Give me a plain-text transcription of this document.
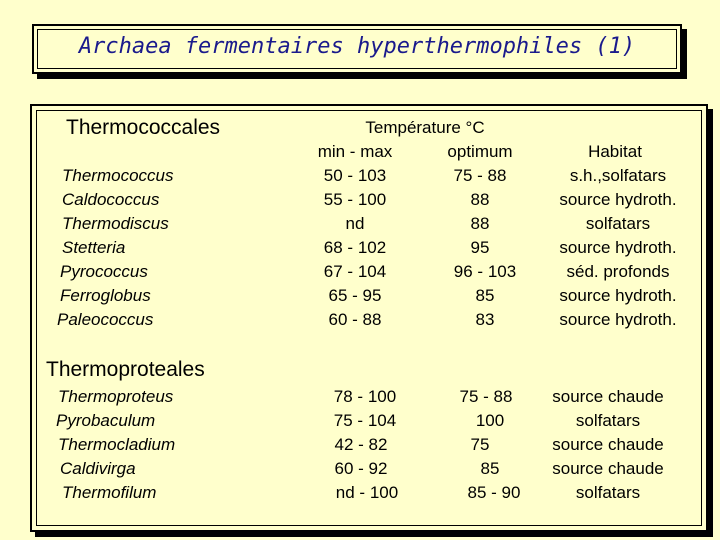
Archaea fermentaires hyperthermophiles (1)
Thermococcales	Température °C
min - max	optimum	Habitat
Thermococcus	50 - 103	75 - 88	s.h.,solfatars
Caldococcus	55 - 100	88	source hydroth.
Thermodiscus	nd	88	solfatars
Stetteria	68 - 102	95	source hydroth.
Pyrococcus	67 - 104	96 - 103	séd. profonds
Ferroglobus	65 - 95	85	source hydroth.
Paleococcus	60 - 88	83	source hydroth.
Thermoproteales
Thermoproteus	78 - 100	75 - 88	source chaude
Pyrobaculum	75 - 104	100	solfatars
Thermocladium	42 - 82	75	source chaude
Caldivirga	60 - 92	85	source chaude
Thermofilum	nd - 100	85 - 90	solfatars
